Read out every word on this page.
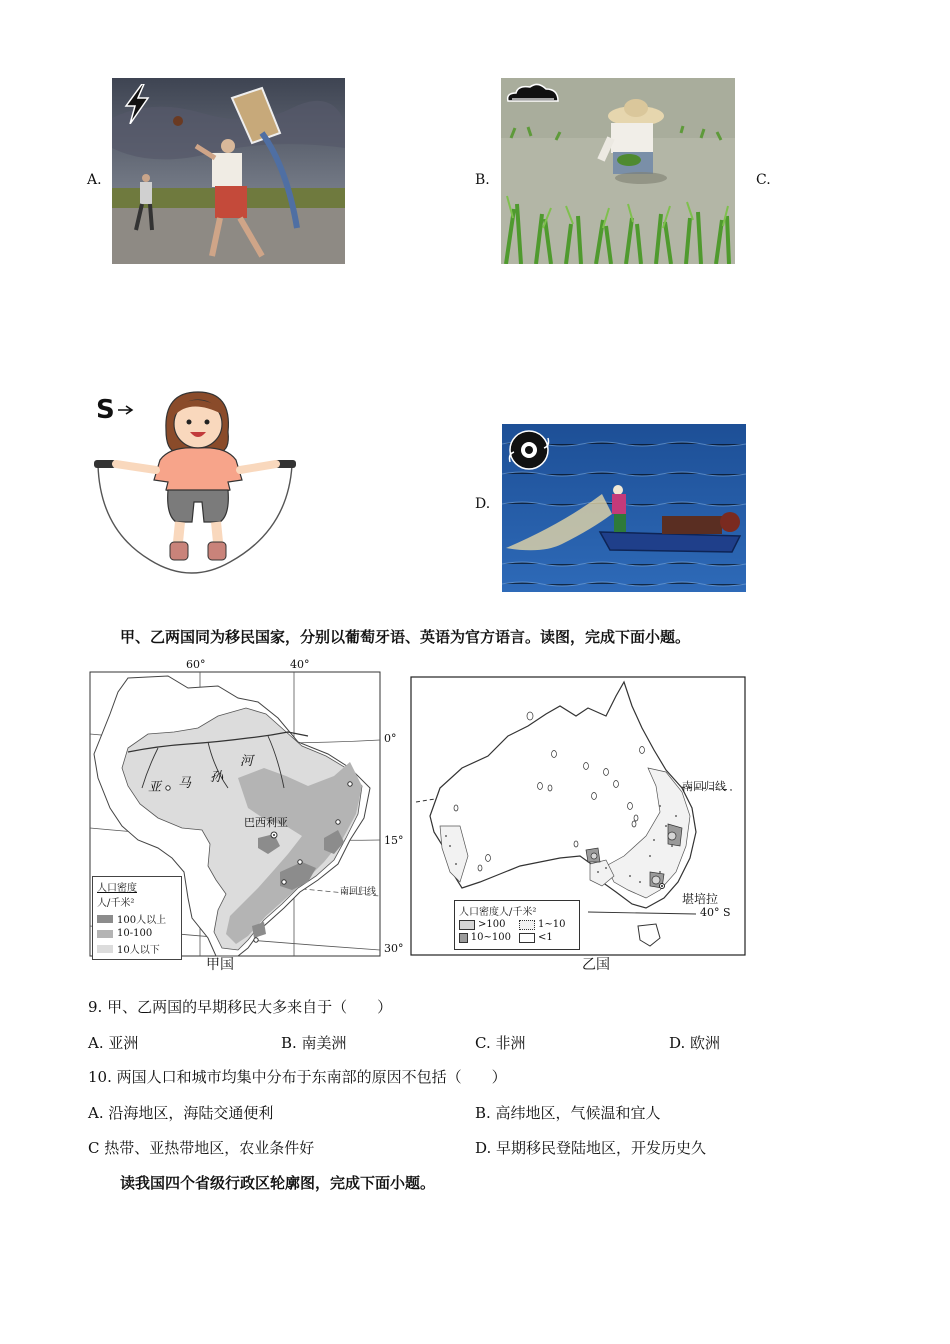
A.	B.	C.
D.
S
甲、乙两国同为移民国家，分别以葡萄牙语、英语为官方语言。读图，完成下面小题。
60°	40°
0°
15°
30°
亚 马 孙
河
巴西利亚
南回归线
人口密度
人/千米²
100人以上
10-100
10人以下
甲国
南回归线
堪培拉
40° S
人口密度人/千米²
>100	1~10
10~100	<1
乙国
9. 甲、乙两国的早期移民大多来自于（　　）
A. 亚洲	B. 南美洲	C. 非洲	D. 欧洲
10. 两国人口和城市均集中分布于东南部的原因不包括（　　）
A. 沿海地区，海陆交通便利	B. 高纬地区，气候温和宜人
C 热带、亚热带地区，农业条件好	D. 早期移民登陆地区，开发历史久
读我国四个省级行政区轮廓图，完成下面小题。
